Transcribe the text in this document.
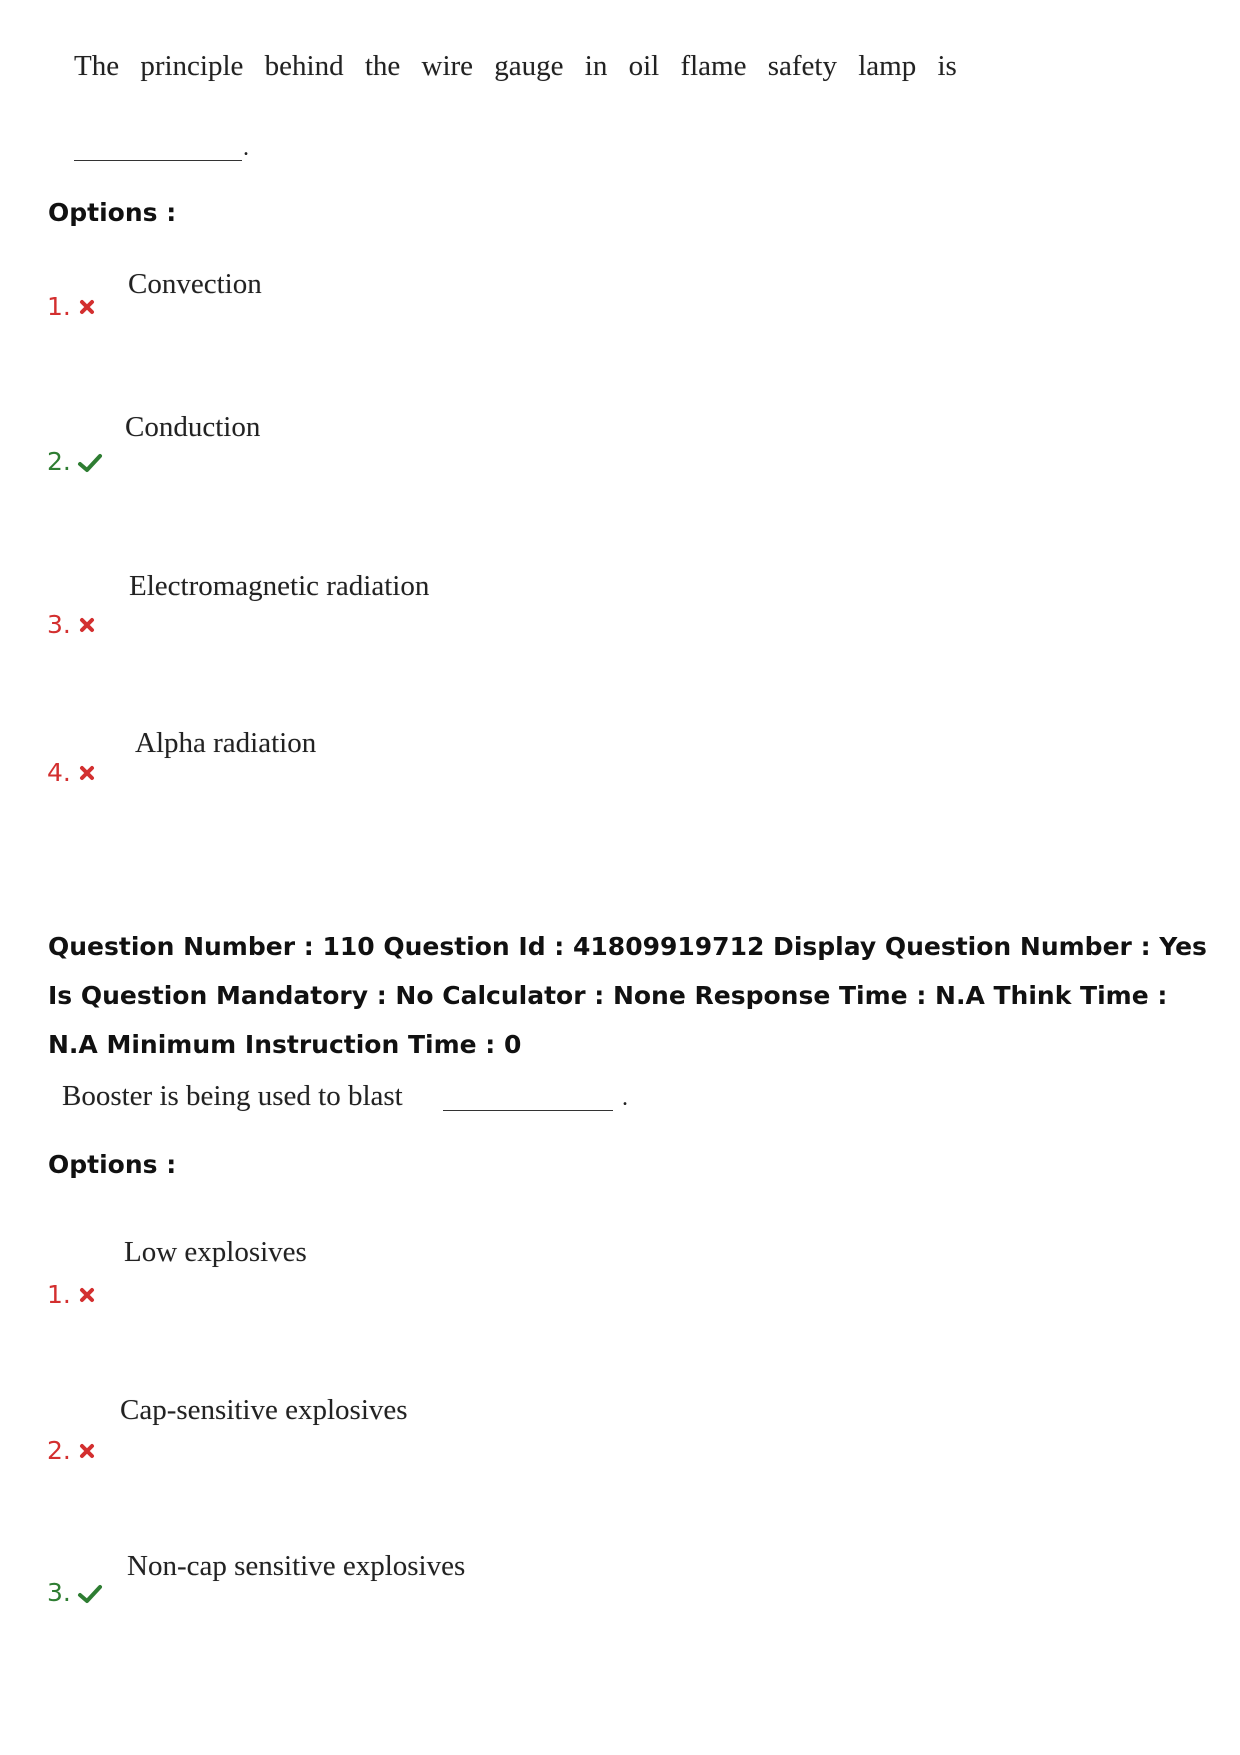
The principle behind the wire gauge in oil flame safety lamp is
.
Options :
Convection
1.
Conduction
2.
Electromagnetic radiation
3.
Alpha radiation
4.
Question Number : 110 Question Id : 41809919712 Display Question Number : Yes Is Question Mandatory : No Calculator : None Response Time : N.A Think Time : N.A Minimum Instruction Time : 0
Booster is being used to blast	.
Options :
Low explosives
1.
Cap-sensitive explosives
2.
Non-cap sensitive explosives
3.
